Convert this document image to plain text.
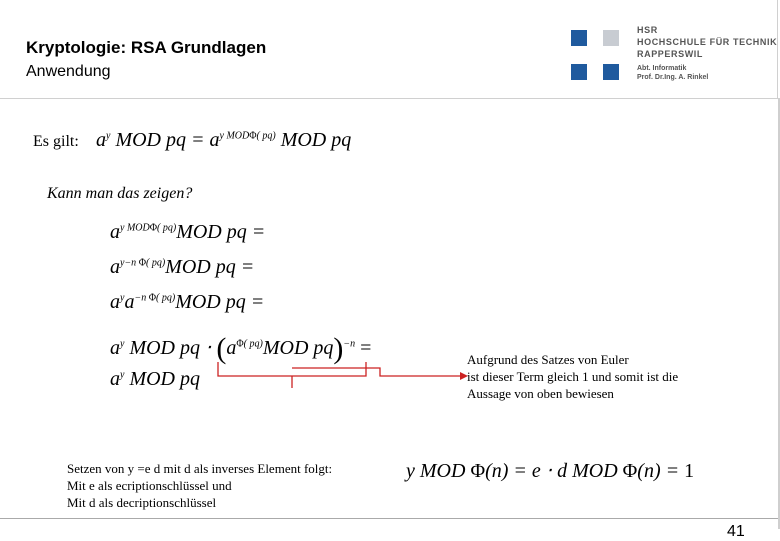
Kryptologie: RSA Grundlagen
Anwendung
HSR
HOCHSCHULE FÜR TECHNIK
RAPPERSWIL
Abt. Informatik
Prof. Dr.Ing. A. Rinkel
Es gilt: $a^y$ MOD pq = $a^{y MOD\Phi( pq)}$ MOD pq
Kann man das zeigen?
$a^{y MOD\Phi( pq)}MOD$ pq =
$a^{y-n \Phi( pq)}MOD$ pq =
$a^ya^{-n \Phi( pq)}MOD$ pq =
$a^y$ MOD pq ⋅ ($a^{\Phi( pq)}MOD$ pq)$^{-n}$ =
$a^y$ MOD pq
Aufgrund des Satzes von Euler
ist dieser Term gleich 1 und somit ist die
Aussage von oben bewiesen
Setzen von y =e d mit d als inverses Element folgt:
Mit e als ecriptionschlüssel und
Mit d als decriptionschlüssel
y MOD Φ(n) = e ⋅ d MOD Φ(n) = 1
41
